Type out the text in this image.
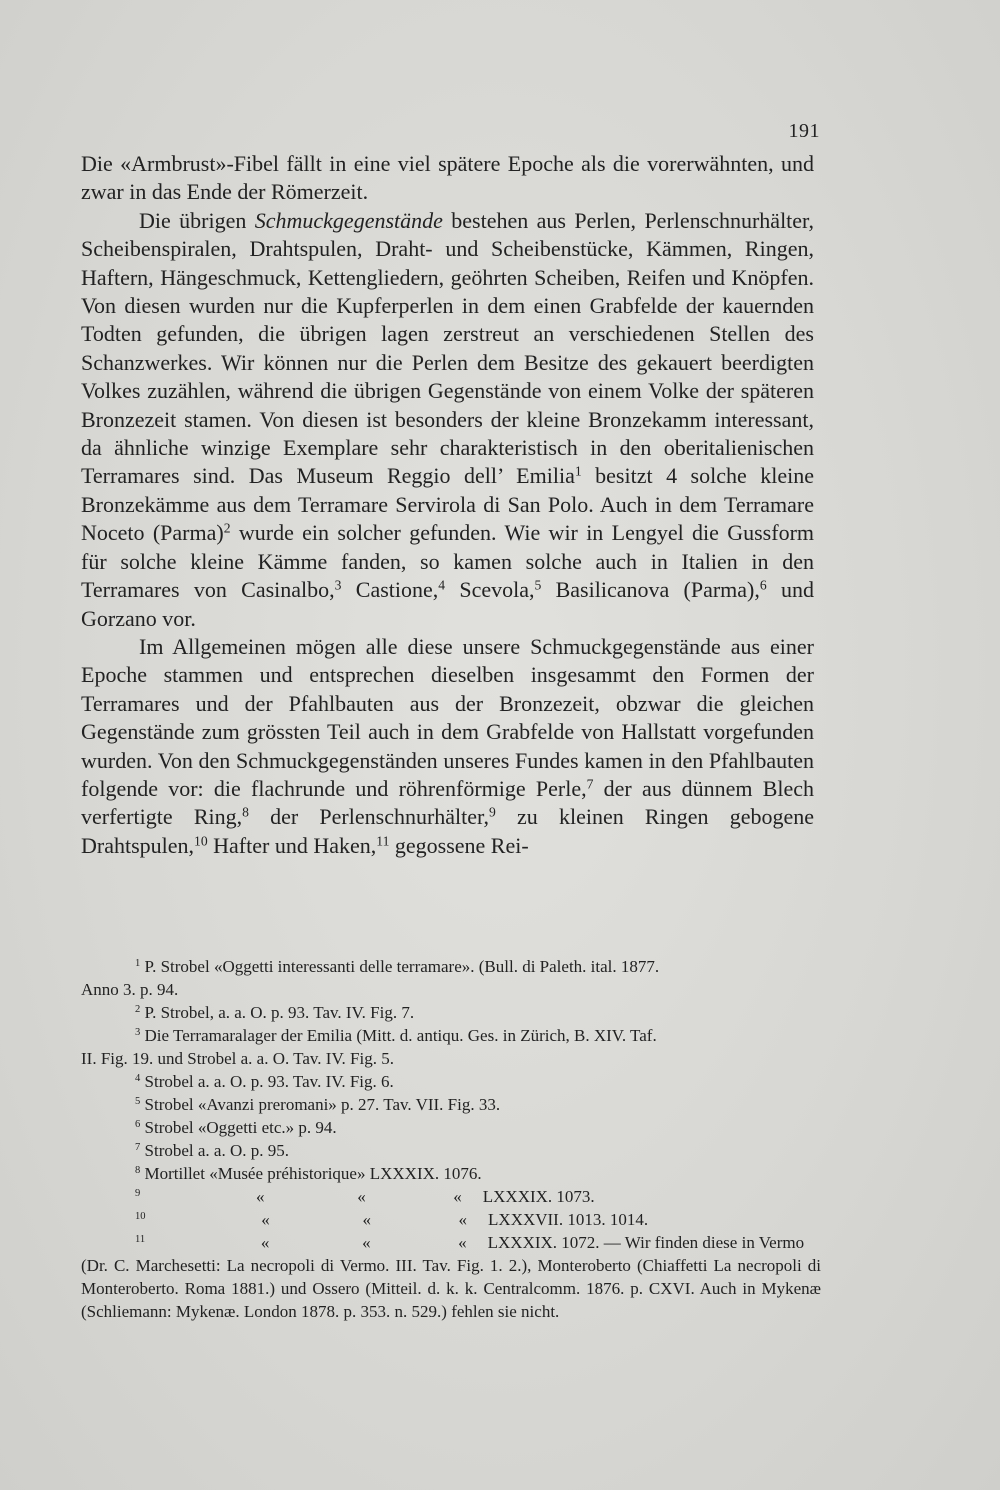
191

Die «Armbrust»-Fibel fällt in eine viel spätere Epoche als die vorerwähnten, und zwar in das Ende der Römerzeit.

Die übrigen Schmuckgegenstände bestehen aus Perlen, Perlenschnurhälter, Scheibenspiralen, Drahtspulen, Draht- und Scheibenstücke, Kämmen, Ringen, Haftern, Hängeschmuck, Kettengliedern, geöhrten Scheiben, Reifen und Knöpfen. Von diesen wurden nur die Kupferperlen in dem einen Grabfelde der kauernden Todten gefunden, die übrigen lagen zerstreut an verschiedenen Stellen des Schanzwerkes. Wir können nur die Perlen dem Besitze des gekauert beerdigten Volkes zuzählen, während die übrigen Gegenstände von einem Volke der späteren Bronzezeit stamen. Von diesen ist besonders der kleine Bronzekamm interessant, da ähnliche winzige Exemplare sehr charakteristisch in den oberitalienischen Terramares sind. Das Museum Reggio dell’ Emilia$^1$ besitzt 4 solche kleine Bronzekämme aus dem Terramare Servirola di San Polo. Auch in dem Terramare Noceto (Parma)$^2$ wurde ein solcher gefunden. Wie wir in Lengyel die Gussform für solche kleine Kämme fanden, so kamen solche auch in Italien in den Terramares von Casinalbo,$^3$ Castione,$^4$ Scevola,$^5$ Basilicanova (Parma),$^6$ und Gorzano vor.

Im Allgemeinen mögen alle diese unsere Schmuckgegenstände aus einer Epoche stammen und entsprechen dieselben insgesammt den Formen der Terramares und der Pfahlbauten aus der Bronzezeit, obzwar die gleichen Gegenstände zum grössten Teil auch in dem Grabfelde von Hallstatt vorgefunden wurden. Von den Schmuckgegenständen unseres Fundes kamen in den Pfahlbauten folgende vor: die flachrunde und röhrenförmige Perle,$^7$ der aus dünnem Blech verfertigte Ring,$^8$ der Perlenschnurhälter,$^9$ zu kleinen Ringen gebogene Drahtspulen,$^{10}$ Hafter und Haken,$^{11}$ gegossene Rei-

$^1$ P. Strobel «Oggetti interessanti delle terramare». (Bull. di Paleth. ital. 1877.

Anno 3. p. 94.

$^2$ P. Strobel, a. a. O. p. 93. Tav. IV. Fig. 7.

$^3$ Die Terramaralager der Emilia (Mitt. d. antiqu. Ges. in Zürich, B. XIV. Taf.

II. Fig. 19. und Strobel a. a. O. Tav. IV. Fig. 5.

$^4$ Strobel a. a. O. p. 93. Tav. IV. Fig. 6.

$^5$ Strobel «Avanzi preromani» p. 27. Tav. VII. Fig. 33.

$^6$ Strobel «Oggetti etc.» p. 94.

$^7$ Strobel a. a. O. p. 95.

$^8$ Mortillet «Musée préhistorique» LXXXIX. 1076.

$^9$	«	«	« LXXXIX. 1073.

$^{10}$	«	«	« LXXXVII. 1013. 1014.

$^{11}$	«	«	« LXXXIX. 1072. — Wir finden diese in Vermo

(Dr. C. Marchesetti: La necropoli di Vermo. III. Tav. Fig. 1. 2.), Monteroberto (Chiaffetti La necropoli di Monteroberto. Roma 1881.) und Ossero (Mitteil. d. k. k. Centralcomm. 1876. p. CXVI. Auch in Mykenæ (Schliemann: Mykenæ. London 1878. p. 353. n. 529.) fehlen sie nicht.
